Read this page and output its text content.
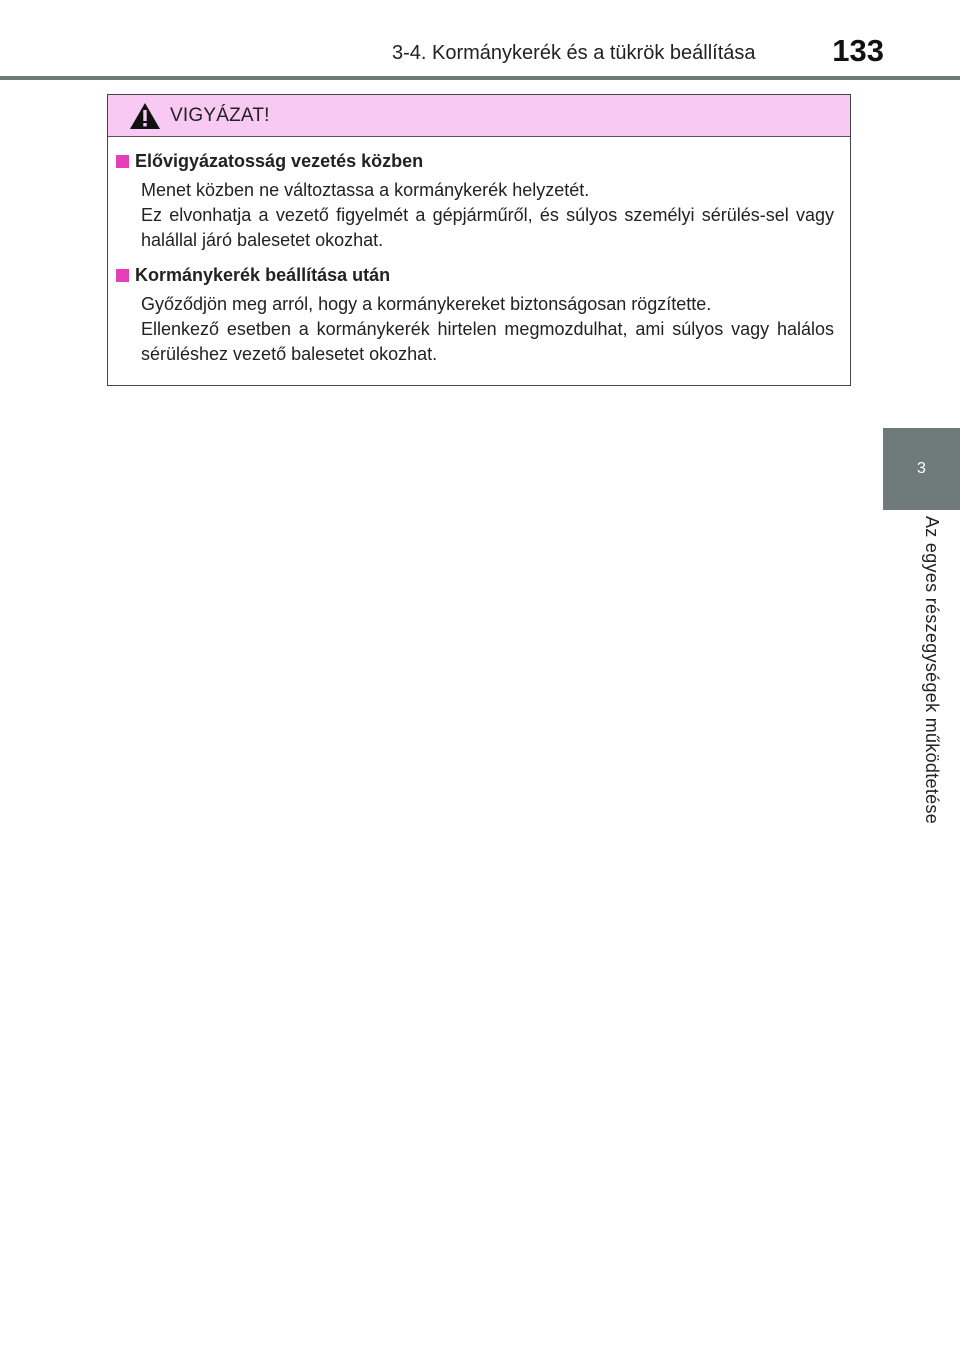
3-4. Kormánykerék és a tükrök beállítása 133
3
Az egyes részegységek működtetése
VIGYÁZAT!
Elővigyázatosság vezetés közben
Menet közben ne változtassa a kormánykerék helyzetét.
Ez elvonhatja a vezető figyelmét a gépjárműről, és súlyos személyi sérülés-sel vagy halállal járó balesetet okozhat.
Kormánykerék beállítása után
Győződjön meg arról, hogy a kormánykereket biztonságosan rögzítette.
Ellenkező esetben a kormánykerék hirtelen megmozdulhat, ami súlyos vagy halálos sérüléshez vezető balesetet okozhat.
